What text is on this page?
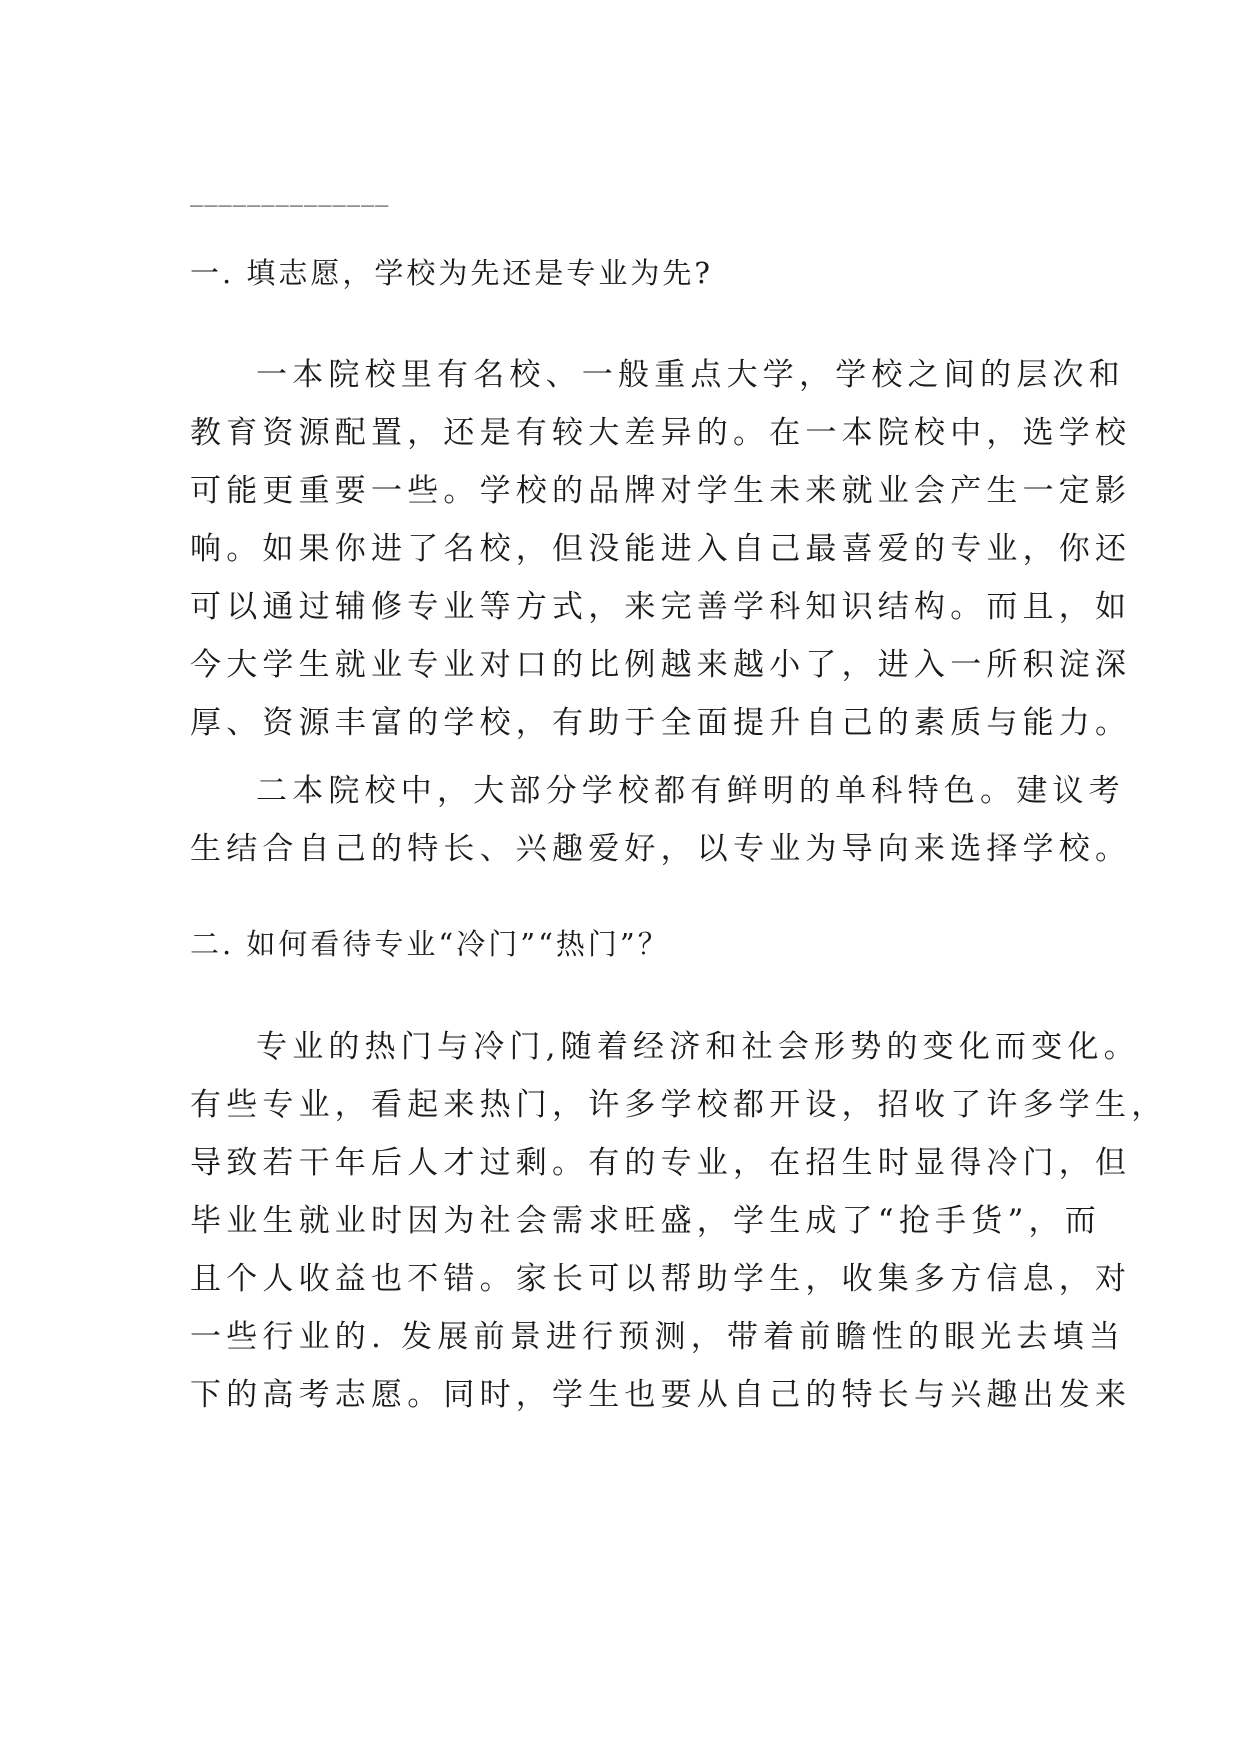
______________
一. 填志愿，学校为先还是专业为先?
一本院校里有名校、一般重点大学，学校之间的层次和
教育资源配置，还是有较大差异的。在一本院校中，选学校
可能更重要一些。学校的品牌对学生未来就业会产生一定影
响。如果你进了名校，但没能进入自己最喜爱的专业，你还
可以通过辅修专业等方式，来完善学科知识结构。而且，如
今大学生就业专业对口的比例越来越小了，进入一所积淀深
厚、资源丰富的学校，有助于全面提升自己的素质与能力。
二本院校中，大部分学校都有鲜明的单科特色。建议考
生结合自己的特长、兴趣爱好，以专业为导向来选择学校。
二. 如何看待专业“冷门”“热门”？
专业的热门与冷门,随着经济和社会形势的变化而变化。
有些专业，看起来热门，许多学校都开设，招收了许多学生，
导致若干年后人才过剩。有的专业，在招生时显得冷门，但
毕业生就业时因为社会需求旺盛，学生成了“抢手货”，而
且个人收益也不错。家长可以帮助学生，收集多方信息，对
一些行业的. 发展前景进行预测，带着前瞻性的眼光去填当
下的高考志愿。同时，学生也要从自己的特长与兴趣出发来
